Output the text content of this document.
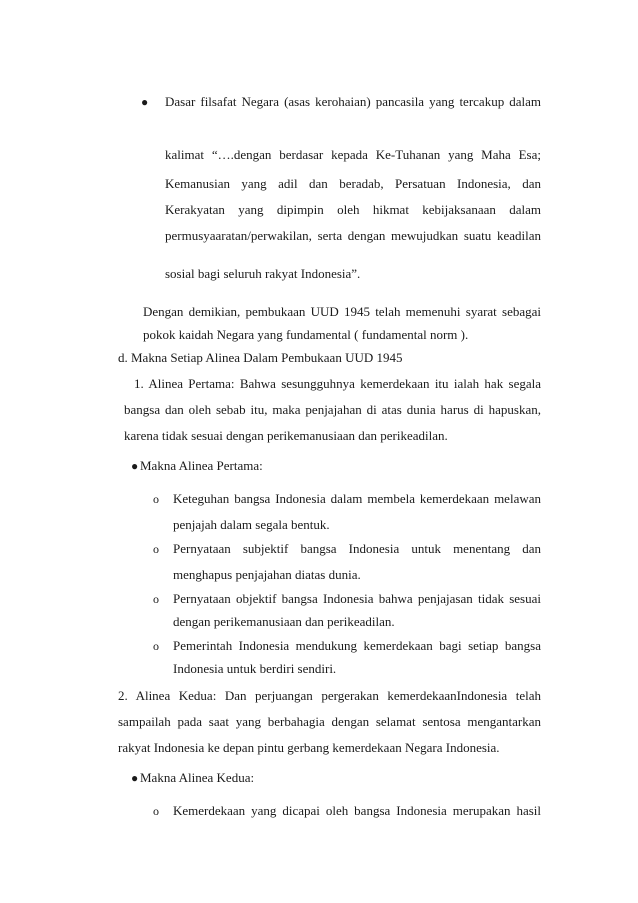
● Dasar filsafat Negara (asas kerohaian) pancasila yang tercakup dalam
kalimat “….dengan berdasar kepada Ke-Tuhanan yang Maha Esa;
Kemanusian yang adil dan beradab, Persatuan Indonesia, dan
Kerakyatan yang dipimpin oleh hikmat kebijaksanaan dalam
permusyaaratan/perwakilan, serta dengan mewujudkan suatu keadilan
sosial bagi seluruh rakyat Indonesia”.
Dengan demikian, pembukaan UUD 1945 telah memenuhi syarat sebagai
pokok kaidah Negara yang fundamental ( fundamental norm ).
d. Makna Setiap Alinea Dalam Pembukaan UUD 1945
1. Alinea Pertama: Bahwa sesungguhnya kemerdekaan itu ialah hak segala
bangsa dan oleh sebab itu, maka penjajahan di atas dunia harus di hapuskan,
karena tidak sesuai dengan perikemanusiaan dan perikeadilan.
● Makna Alinea Pertama:
o Keteguhan bangsa Indonesia dalam membela kemerdekaan melawan
penjajah dalam segala bentuk.
o Pernyataan subjektif bangsa Indonesia untuk menentang dan
menghapus penjajahan diatas dunia.
o Pernyataan objektif bangsa Indonesia bahwa penjajasan tidak sesuai
dengan perikemanusiaan dan perikeadilan.
o Pemerintah Indonesia mendukung kemerdekaan bagi setiap bangsa
Indonesia untuk berdiri sendiri.
2. Alinea Kedua: Dan perjuangan pergerakan kemerdekaanIndonesia telah
sampailah pada saat yang berbahagia dengan selamat sentosa mengantarkan
rakyat Indonesia ke depan pintu gerbang kemerdekaan Negara Indonesia.
● Makna Alinea Kedua:
o Kemerdekaan yang dicapai oleh bangsa Indonesia merupakan hasil
